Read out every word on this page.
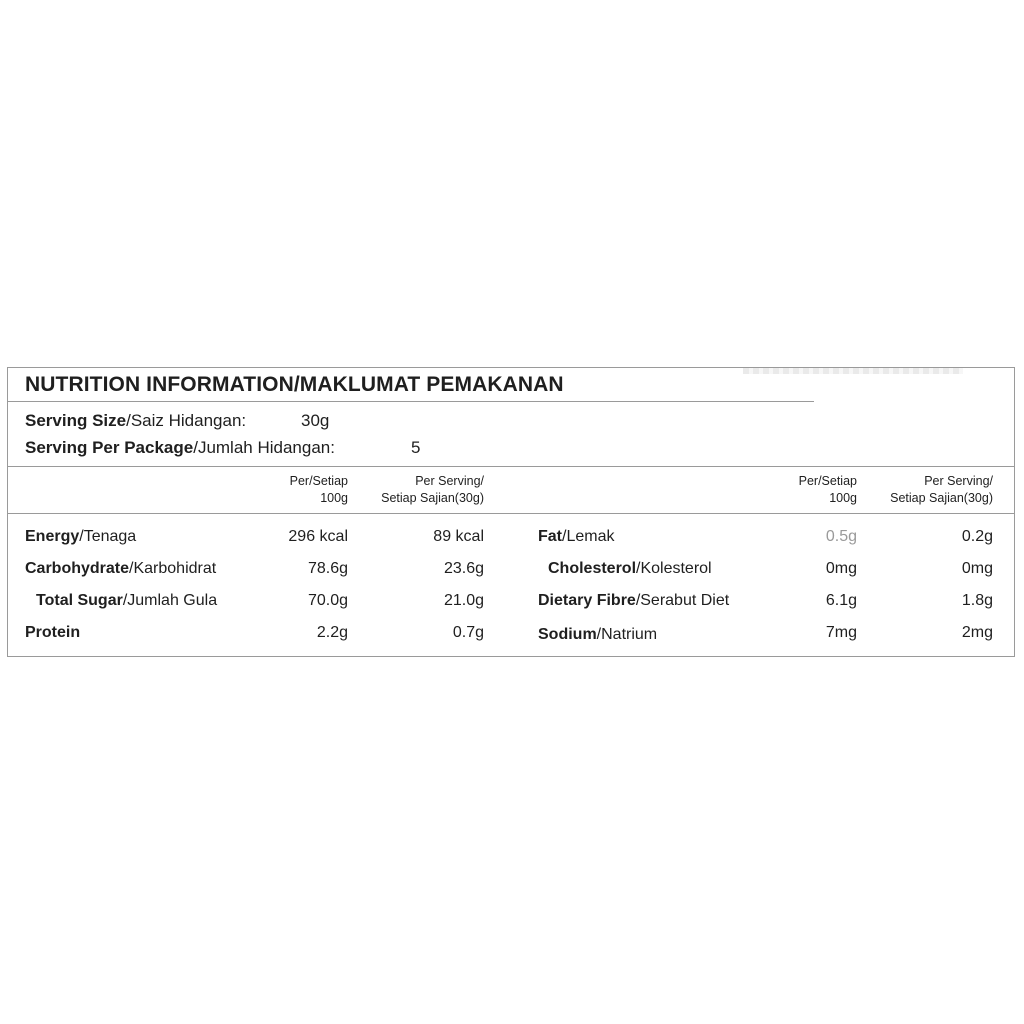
NUTRITION INFORMATION/MAKLUMAT PEMAKANAN
Serving Size/Saiz Hidangan:	30g
Serving Per Package/Jumlah Hidangan:	5
Per/Setiap
100g
Per Serving/
Setiap Sajian(30g)
Per/Setiap
100g
Per Serving/
Setiap Sajian(30g)
Energy/Tenaga	296 kcal	89 kcal
Carbohydrate/Karbohidrat	78.6g	23.6g
Total Sugar/Jumlah Gula	70.0g	21.0g
Protein	2.2g	0.7g
Fat/Lemak	0.5g	0.2g
Cholesterol/Kolesterol	0mg	0mg
Dietary Fibre/Serabut Diet	6.1g	1.8g
Sodium/Natrium	7mg	2mg
